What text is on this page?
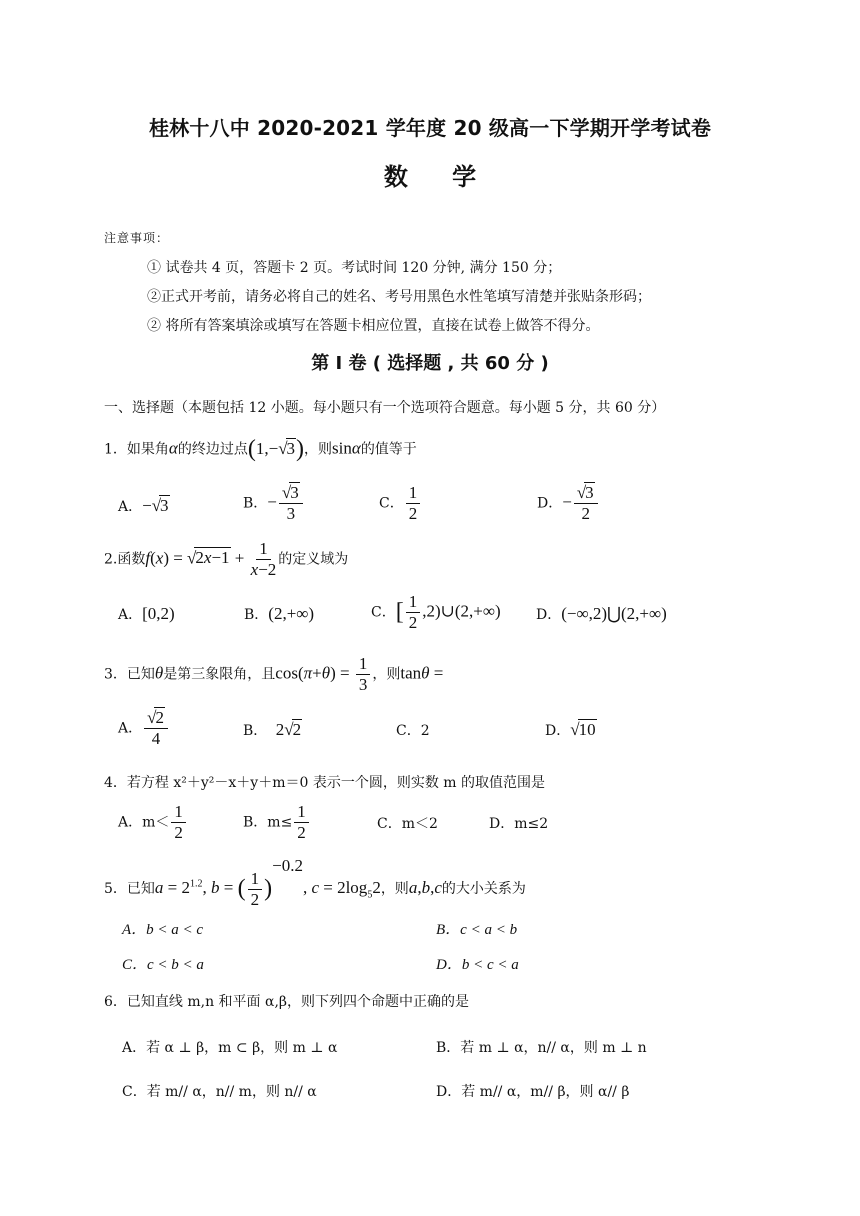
桂林十八中 2020-2021 学年度 20 级高一下学期开学考试卷
数 学
注意事项：
① 试卷共 4 页，答题卡 2 页。考试时间 120 分钟, 满分 150 分；
②正式开考前，请务必将自己的姓名、考号用黑色水性笔填写清楚并张贴条形码；
② 将所有答案填涂或填写在答题卡相应位置，直接在试卷上做答不得分。
第 I 卷 ( 选择题 , 共 60 分 )
一、选择题（本题包括 12 小题。每小题只有一个选项符合题意。每小题 5 分，共 60 分）
1．如果角α的终边过点(1,−√3)，则sinα的值等于
A．−√3	B．− $\frac{√3}{3}$	C． $\frac{1}{2}$	D．− $\frac{√3}{2}$
2.函数$f(x) = √2x-1 + \frac{1}{x-2}$ 的定义域为
A．[0,2)	B．(2,+∞)	C．[ $\frac{1}{2}$ ,2)∪(2,+∞)	D．(−∞,2)⋃(2,+∞)
3．已知θ是第三象限角，且$\cos(\pi+\theta) = \frac{1}{3}$ ，则tanθ =
A． $\frac{√2}{4}$	B．  2√2	C．2	D．√10
4．若方程 x²＋y²－x＋y＋m＝0 表示一个圆，则实数 m 的取值范围是
A．$m< \frac{1}{2}$	B．$m\le \frac{1}{2}$	C．m＜2	D．m≤2
5．已知$a = 2^{1.2}$, b = ( $\frac{1}{2} )^{-0.2}$, $c = 2\log_52$，则a,b,c的大小关系为
A．b < a < c	B．c < a < b
C．c < b < a	D．b < c < a
6．已知直线 m,n 和平面 α,β，则下列四个命题中正确的是
A．若 α ⊥ β，m ⊂ β，则 m ⊥ α	B．若 m ⊥ α，n// α，则 m ⊥ n
C．若 m// α，n// m，则 n// α	D．若 m// α，m// β，则 α// β
